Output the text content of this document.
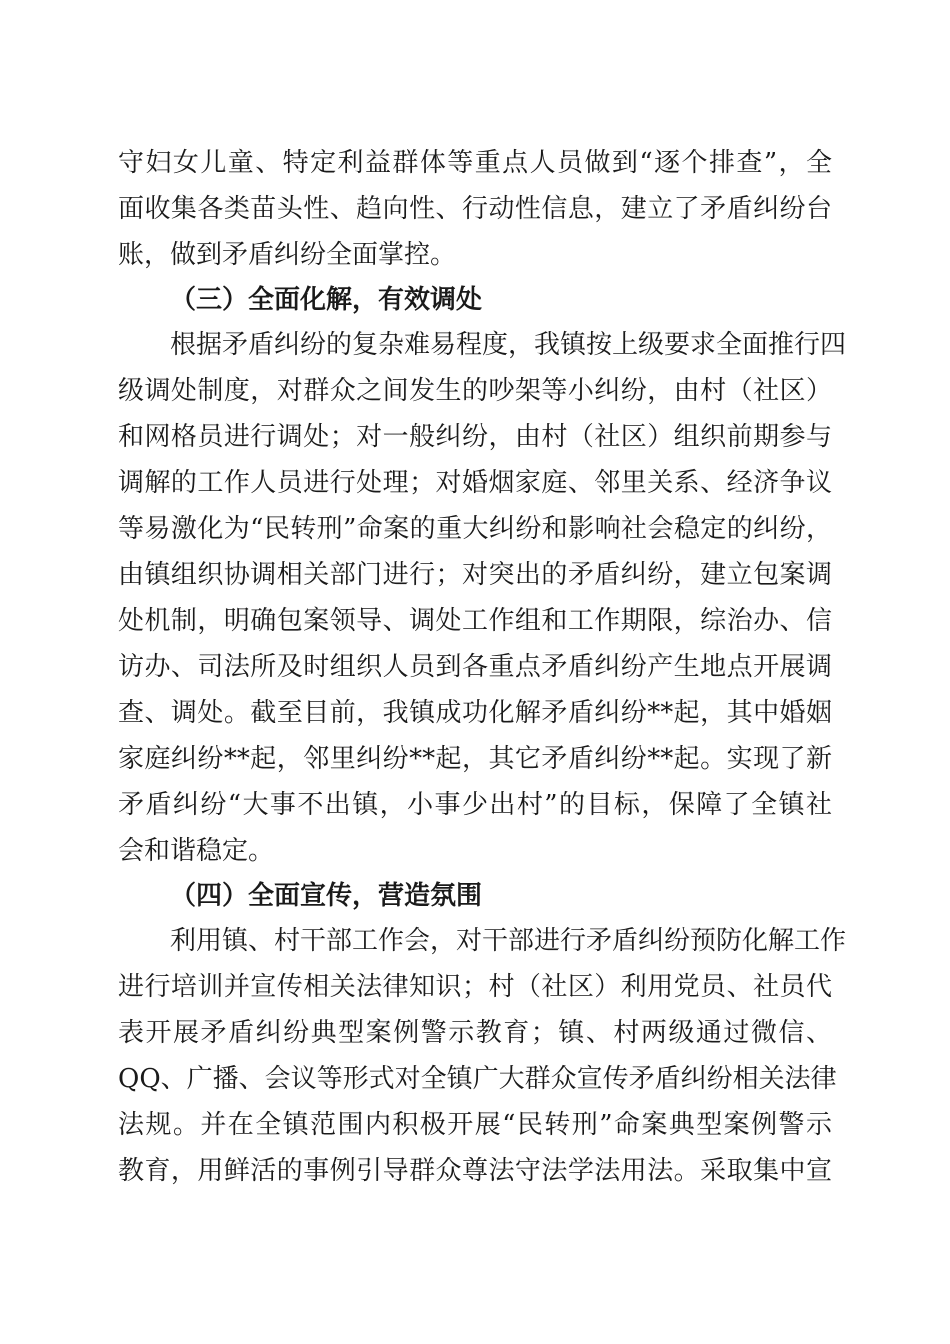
守妇女儿童、特定利益群体等重点人员做到“逐个排查”，全
面收集各类苗头性、趋向性、行动性信息，建立了矛盾纠纷台
账，做到矛盾纠纷全面掌控。
（三）全面化解，有效调处
根据矛盾纠纷的复杂难易程度，我镇按上级要求全面推行四
级调处制度，对群众之间发生的吵架等小纠纷，由村（社区）
和网格员进行调处；对一般纠纷，由村（社区）组织前期参与
调解的工作人员进行处理；对婚烟家庭、邻里关系、经济争议
等易激化为“民转刑”命案的重大纠纷和影响社会稳定的纠纷，
由镇组织协调相关部门进行；对突出的矛盾纠纷，建立包案调
处机制，明确包案领导、调处工作组和工作期限，综治办、信
访办、司法所及时组织人员到各重点矛盾纠纷产生地点开展调
查、调处。截至目前，我镇成功化解矛盾纠纷**起，其中婚姻
家庭纠纷**起，邻里纠纷**起，其它矛盾纠纷**起。实现了新
矛盾纠纷“大事不出镇，小事少出村”的目标，保障了全镇社
会和谐稳定。
（四）全面宣传，营造氛围
利用镇、村干部工作会，对干部进行矛盾纠纷预防化解工作
进行培训并宣传相关法律知识；村（社区）利用党员、社员代
表开展矛盾纠纷典型案例警示教育；镇、村两级通过微信、
QQ、广播、会议等形式对全镇广大群众宣传矛盾纠纷相关法律
法规。并在全镇范围内积极开展“民转刑”命案典型案例警示
教育，用鲜活的事例引导群众尊法守法学法用法。采取集中宣
